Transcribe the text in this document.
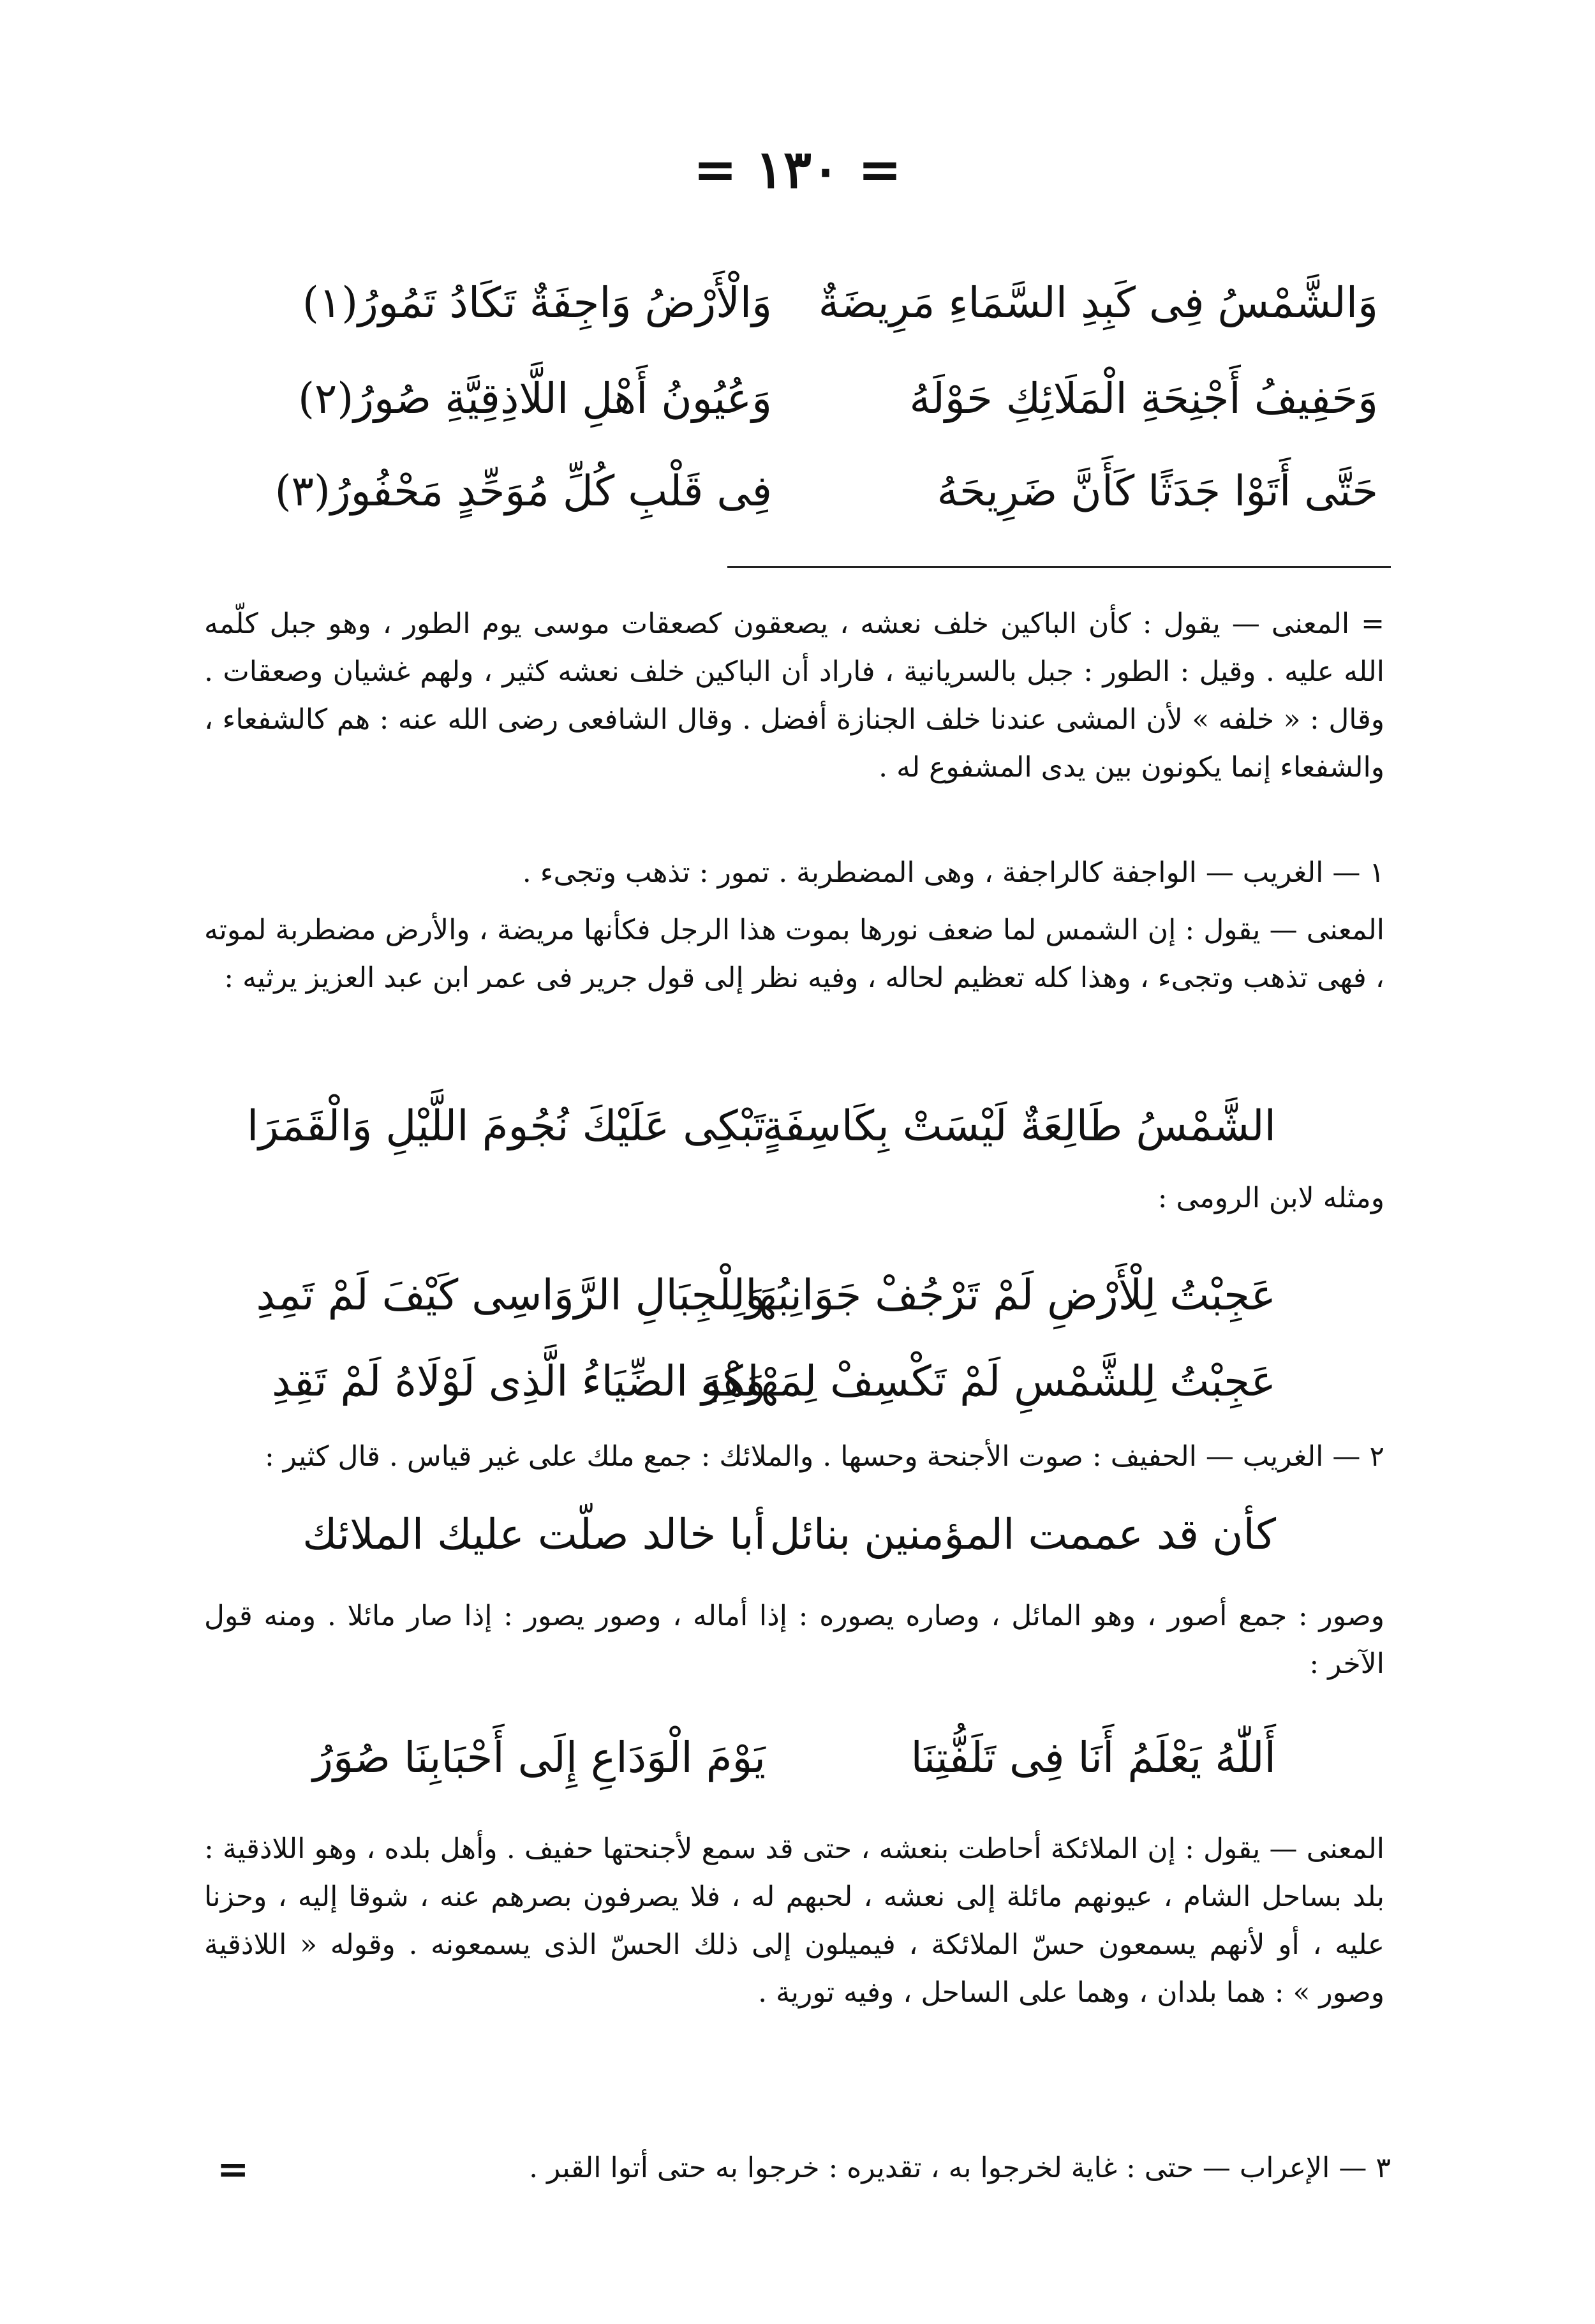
= ١٣٠ =
وَالشَّمْسُ فِى كَبِدِ السَّمَاءِ مَرِيضَةٌ
وَالْأَرْضُ وَاجِفَةٌ تَكَادُ تَمُورُ(١)
وَحَفِيفُ أَجْنِحَةِ الْمَلَائِكِ حَوْلَهُ
وَعُيُونُ أَهْلِ اللَّاذِقِيَّةِ صُورُ(٢)
حَتَّى أَتَوْا جَدَثًا كَأَنَّ ضَرِيحَهُ
فِى قَلْبِ كُلِّ مُوَحِّدٍ مَحْفُورُ(٣)
= المعنى — يقول : كأن الباكين خلف نعشه ، يصعقون كصعقات موسى يوم الطور ، وهو جبل كلّمه الله عليه . وقيل : الطور : جبل بالسريانية ، فاراد أن الباكين خلف نعشه كثير ، ولهم غشيان وصعقات . وقال : « خلفه » لأن المشى عندنا خلف الجنازة أفضل . وقال الشافعى رضى الله عنه : هم كالشفعاء ، والشفعاء إنما يكونون بين يدى المشفوع له .
١ — الغريب — الواجفة كالراجفة ، وهى المضطربة . تمور : تذهب وتجىء .
المعنى — يقول : إن الشمس لما ضعف نورها بموت هذا الرجل فكأنها مريضة ، والأرض مضطربة لموته ، فهى تذهب وتجىء ، وهذا كله تعظيم لحاله ، وفيه نظر إلى قول جرير فى عمر ابن عبد العزيز يرثيه :
الشَّمْسُ طَالِعَةٌ لَيْسَتْ بِكَاسِفَةٍ
تَبْكِى عَلَيْكَ نُجُومَ اللَّيْلِ وَالْقَمَرَا
ومثله لابن الرومى :
عَجِبْتُ لِلْأَرْضِ لَمْ تَرْجُفْ جَوَانِبُهَا
وَلِلْجِبَالِ الرَّوَاسِى كَيْفَ لَمْ تَمِدِ
عَجِبْتُ لِلشَّمْسِ لَمْ تَكْسِفْ لِمَهْلِكِهِ
وَهْوَ الضِّيَاءُ الَّذِى لَوْلَاهُ لَمْ تَقِدِ
٢ — الغريب — الحفيف : صوت الأجنحة وحسها . والملائك : جمع ملك على غير قياس . قال كثير :
كأن قد عممت المؤمنين بنائل
أبا خالد صلّت عليك الملائك
وصور : جمع أصور ، وهو المائل ، وصاره يصوره : إذا أماله ، وصور يصور : إذا صار مائلا . ومنه قول الآخر :
أَللّٰهُ يَعْلَمُ أَنَا فِى تَلَفُّتِنَا
يَوْمَ الْوَدَاعِ إِلَى أَحْبَابِنَا صُوَرُ
المعنى — يقول : إن الملائكة أحاطت بنعشه ، حتى قد سمع لأجنحتها حفيف . وأهل بلده ، وهو اللاذقية : بلد بساحل الشام ، عيونهم مائلة إلى نعشه ، لحبهم له ، فلا يصرفون بصرهم عنه ، شوقا إليه ، وحزنا عليه ، أو لأنهم يسمعون حسّ الملائكة ، فيميلون إلى ذلك الحسّ الذى يسمعونه . وقوله « اللاذقية وصور » : هما بلدان ، وهما على الساحل ، وفيه تورية .
٣ — الإعراب — حتى : غاية لخرجوا به ، تقديره : خرجوا به حتى أتوا القبر .
=
